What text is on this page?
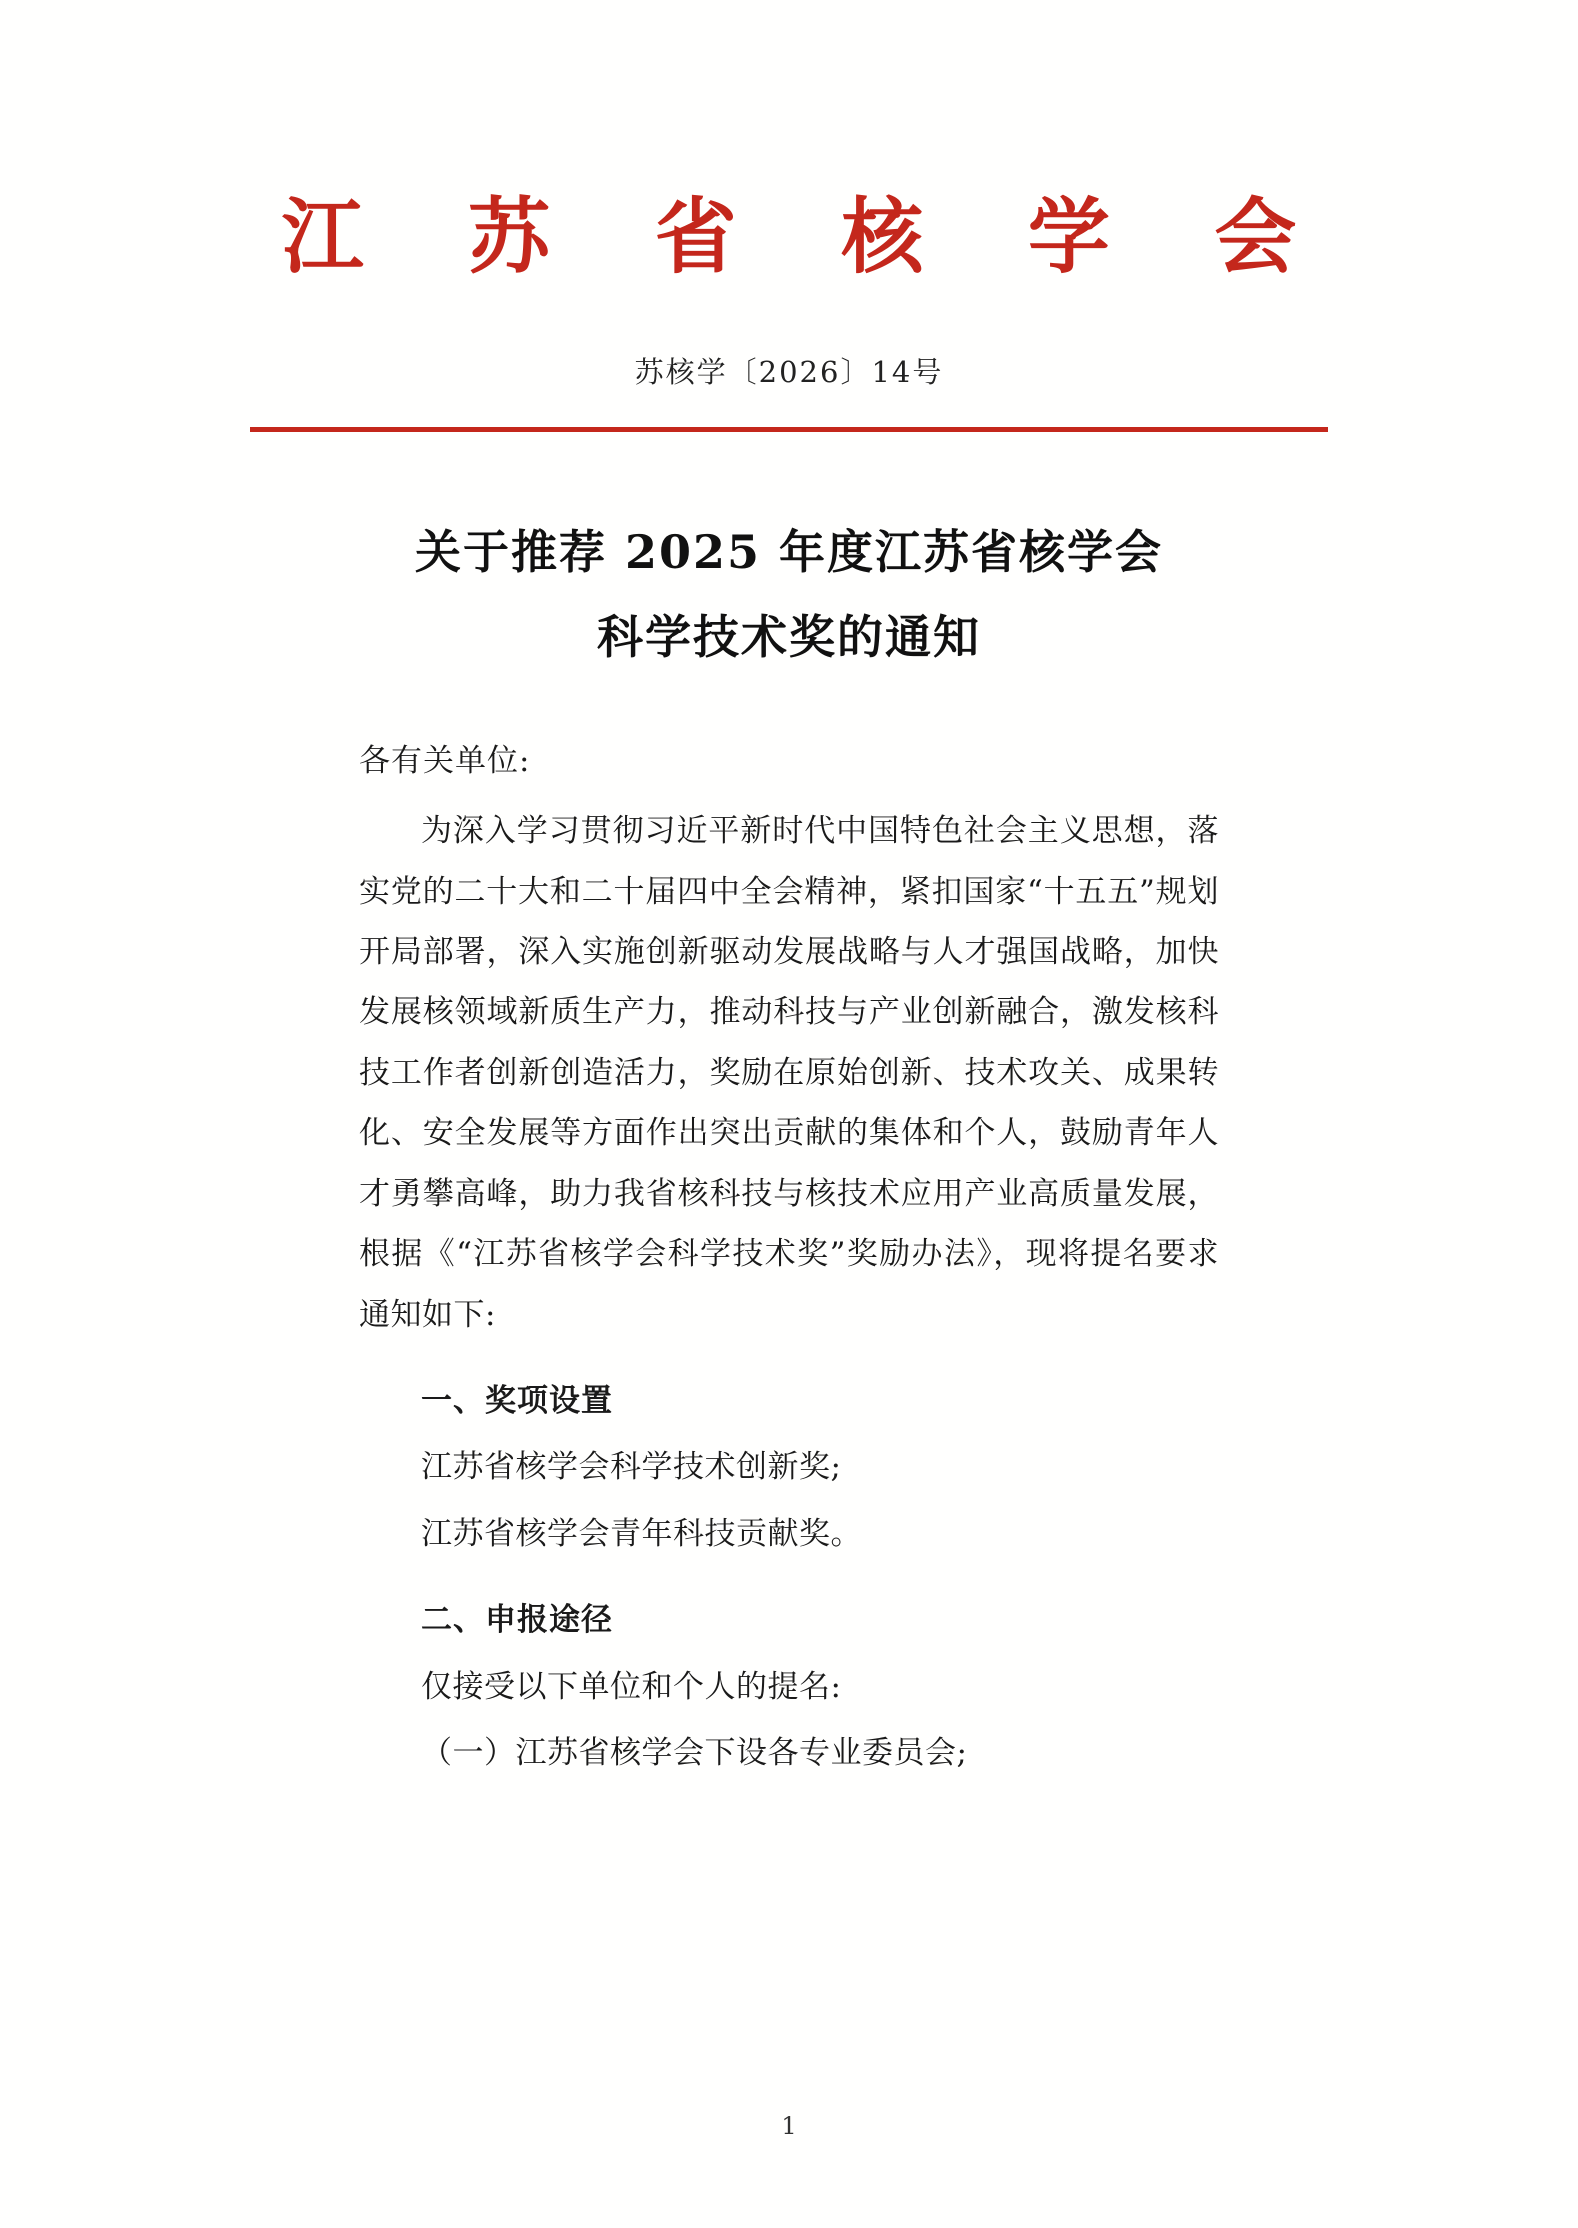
江 苏 省 核 学 会
苏核学〔2026〕14号
关于推荐 2025 年度江苏省核学会
科学技术奖的通知
各有关单位:
为深入学习贯彻习近平新时代中国特色社会主义思想，落实党的二十大和二十届四中全会精神，紧扣国家“十五五”规划开局部署，深入实施创新驱动发展战略与人才强国战略，加快发展核领域新质生产力，推动科技与产业创新融合，激发核科技工作者创新创造活力，奖励在原始创新、技术攻关、成果转化、安全发展等方面作出突出贡献的集体和个人，鼓励青年人才勇攀高峰，助力我省核科技与核技术应用产业高质量发展，根据《“江苏省核学会科学技术奖”奖励办法》，现将提名要求通知如下:
一、奖项设置
江苏省核学会科学技术创新奖;
江苏省核学会青年科技贡献奖。
二、申报途径
仅接受以下单位和个人的提名:
（一）江苏省核学会下设各专业委员会;
1
